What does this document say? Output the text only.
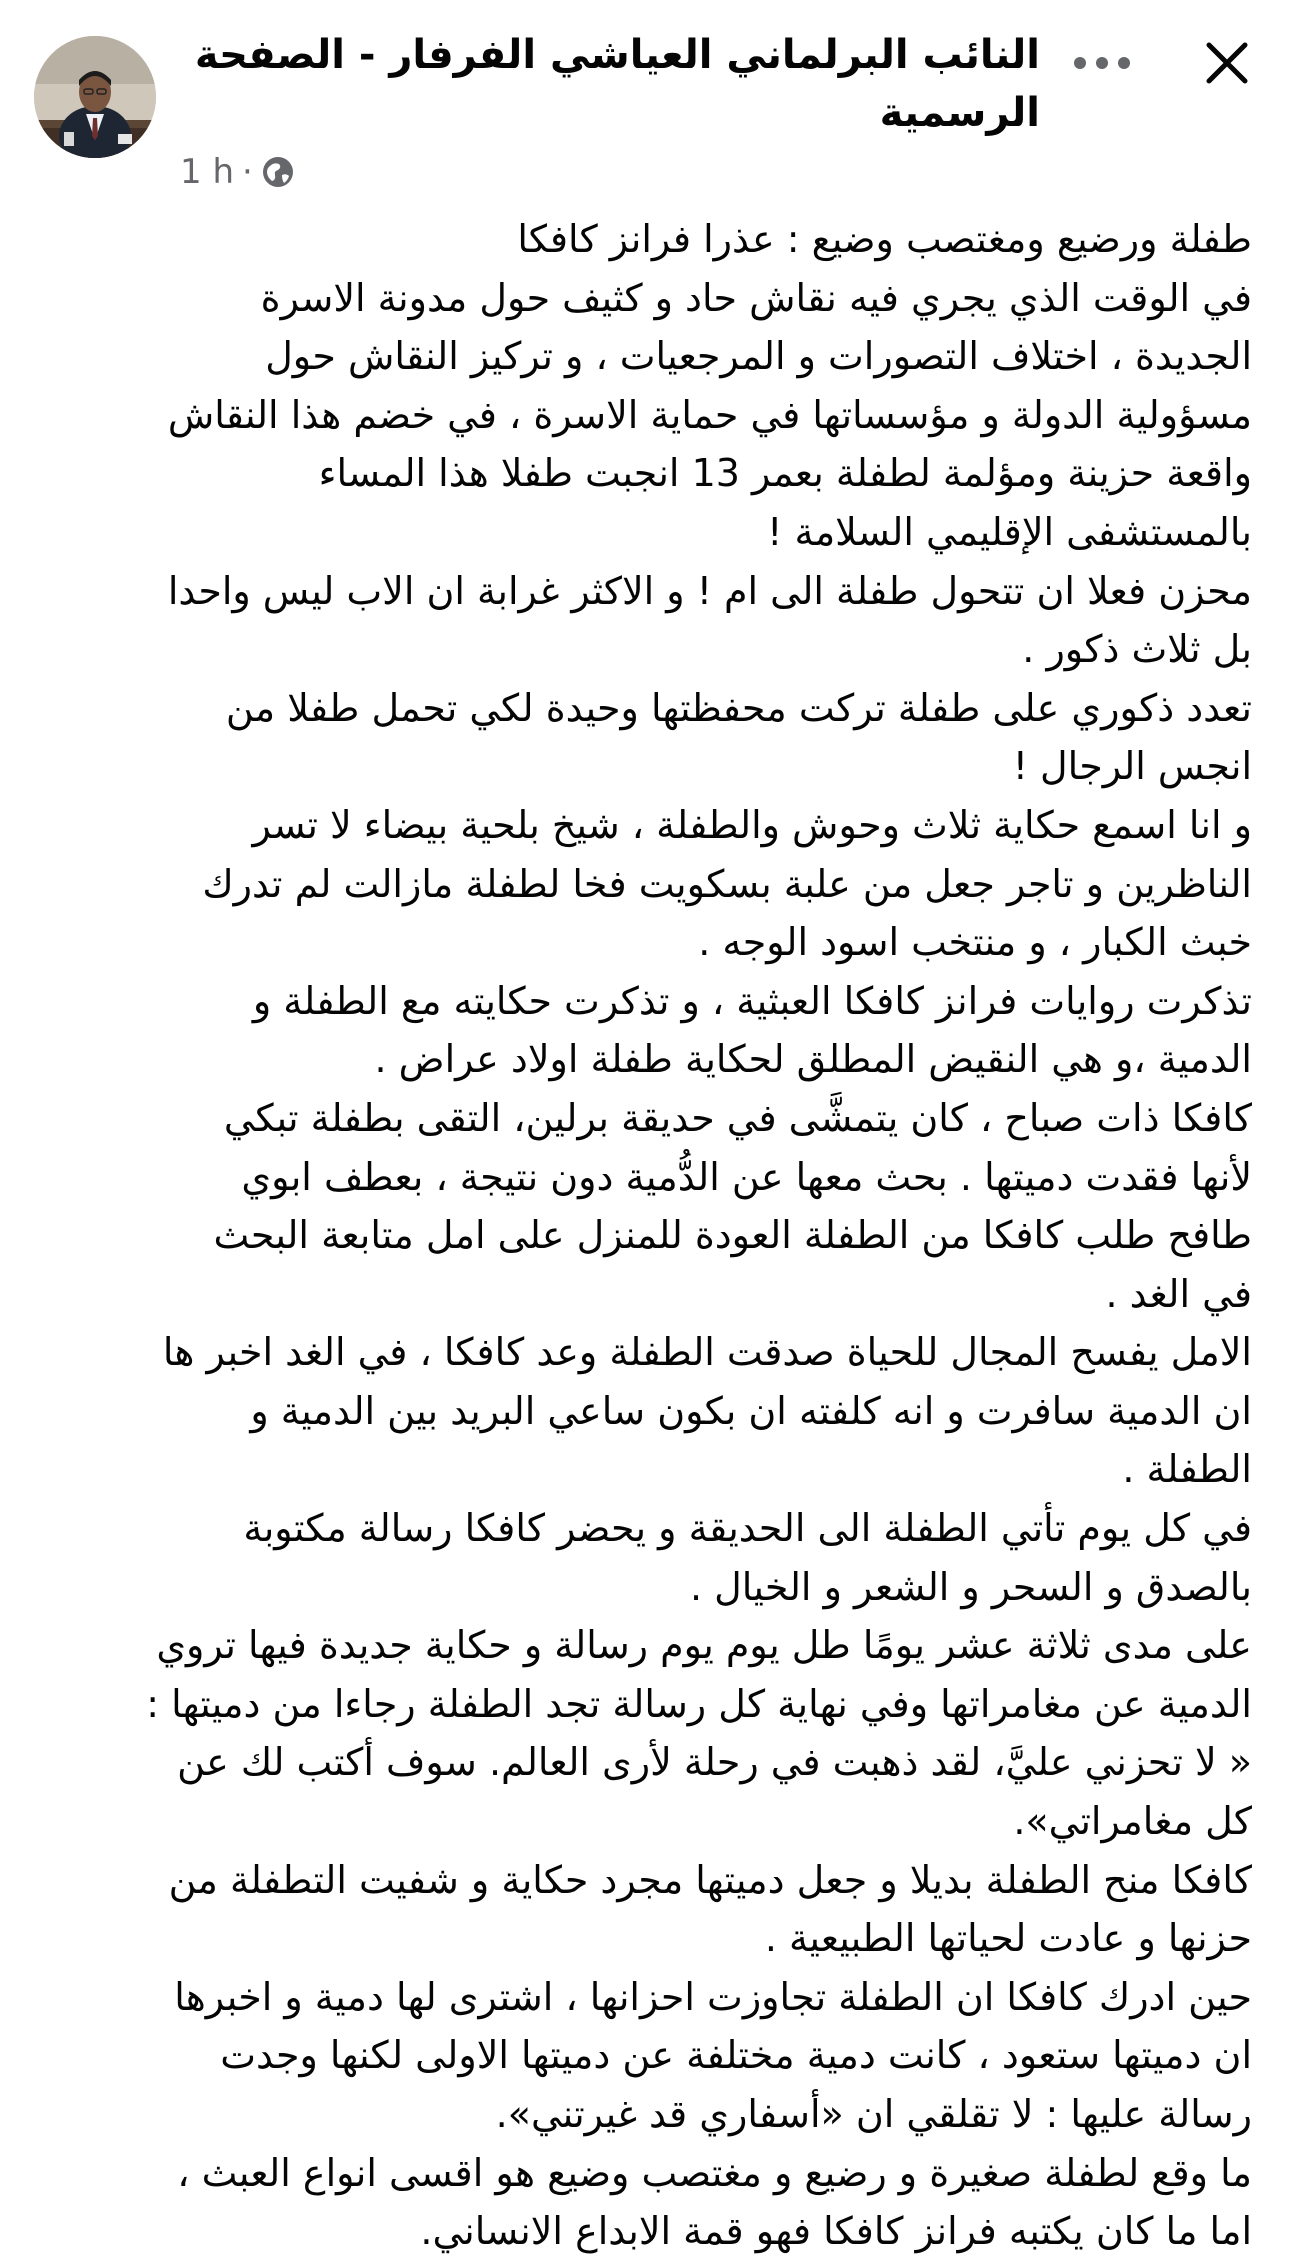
النائب البرلماني العياشي الفرفار - الصفحة الرسمية
1 h ·
طفلة ورضيع ومغتصب وضيع : عذرا فرانز كافكا
في الوقت الذي يجري فيه نقاش حاد و كثيف حول مدونة الاسرة
الجديدة ، اختلاف التصورات و المرجعيات ، و تركيز النقاش حول
مسؤولية الدولة و مؤسساتها في حماية الاسرة ، في خضم هذا النقاش
واقعة حزينة ومؤلمة لطفلة بعمر 13 انجبت طفلا هذا المساء
بالمستشفى الإقليمي السلامة !
محزن فعلا ان تتحول طفلة الى ام ! و الاكثر غرابة ان الاب ليس واحدا
بل ثلاث ذكور .
تعدد ذكوري على طفلة تركت محفظتها وحيدة لكي تحمل طفلا من
انجس الرجال !
و انا اسمع حكاية ثلاث وحوش والطفلة ، شيخ بلحية بيضاء لا تسر
الناظرين و تاجر جعل من علبة بسكويت فخا لطفلة مازالت لم تدرك
خبث الكبار ، و منتخب اسود الوجه .
تذكرت روايات فرانز كافكا العبثية ، و تذكرت حكايته مع الطفلة و
الدمية ،و هي النقيض المطلق لحكاية طفلة اولاد عراض .
كافكا ذات صباح ، كان يتمشَّى في حديقة برلين، التقى بطفلة تبكي
لأنها فقدت دميتها . بحث معها عن الدُّمية دون نتيجة ، بعطف ابوي
طافح طلب كافكا من الطفلة العودة للمنزل على امل متابعة البحث
في الغد .
الامل يفسح المجال للحياة صدقت الطفلة وعد كافكا ، في الغد اخبر ها
ان الدمية سافرت و انه كلفته ان بكون ساعي البريد بين الدمية و
الطفلة .
في كل يوم تأتي الطفلة الى الحديقة و يحضر كافكا رسالة مكتوبة
بالصدق و السحر و الشعر و الخيال .
على مدى ثلاثة عشر يومًا طل يوم يوم رسالة و حكاية جديدة فيها تروي
الدمية عن مغامراتها وفي نهاية كل رسالة تجد الطفلة رجاءا من دميتها :
« لا تحزني عليَّ، لقد ذهبت في رحلة لأرى العالم. سوف أكتب لك عن
كل مغامراتي».
كافكا منح الطفلة بديلا و جعل دميتها مجرد حكاية و شفيت التطفلة من
حزنها و عادت لحياتها الطبيعية .
حين ادرك كافكا ان الطفلة تجاوزت احزانها ، اشترى لها دمية و اخبرها
ان دميتها ستعود ، كانت دمية مختلفة عن دميتها الاولى لكنها وجدت
رسالة عليها : لا تقلقي ان «أسفاري قد غيرتني».
ما وقع لطفلة صغيرة و رضيع و مغتصب وضيع هو اقسى انواع العبث ،
اما ما كان يكتبه فرانز كافكا فهو قمة الابداع الانساني.
